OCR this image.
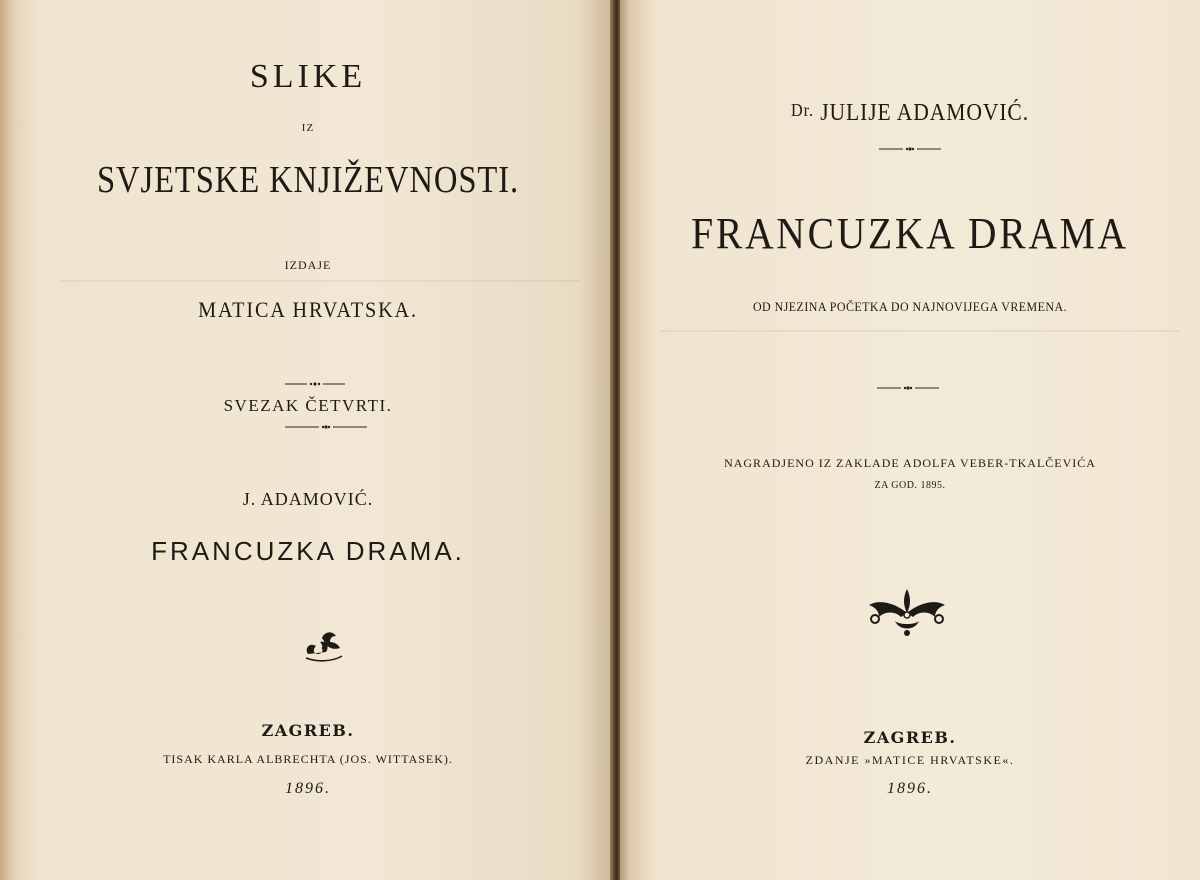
SLIKE
IZ
SVJETSKE KNJIŽEVNOSTI.
IZDAJE
MATICA HRVATSKA.
SVEZAK ČETVRTI.
J. ADAMOVIĆ.
FRANCUZKA DRAMA.
ZAGREB.
TISAK KARLA ALBRECHTA (JOS. WITTASEK).
1896.
Dr. JULIJE ADAMOVIĆ.
FRANCUZKA DRAMA
OD NJEZINA POČETKA DO NAJNOVIJEGA VREMENA.
NAGRADJENO IZ ZAKLADE ADOLFA VEBER-TKALČEVIĆA
ZA GOD. 1895.
ZAGREB.
ZDANJE »MATICE HRVATSKE«.
1896.
